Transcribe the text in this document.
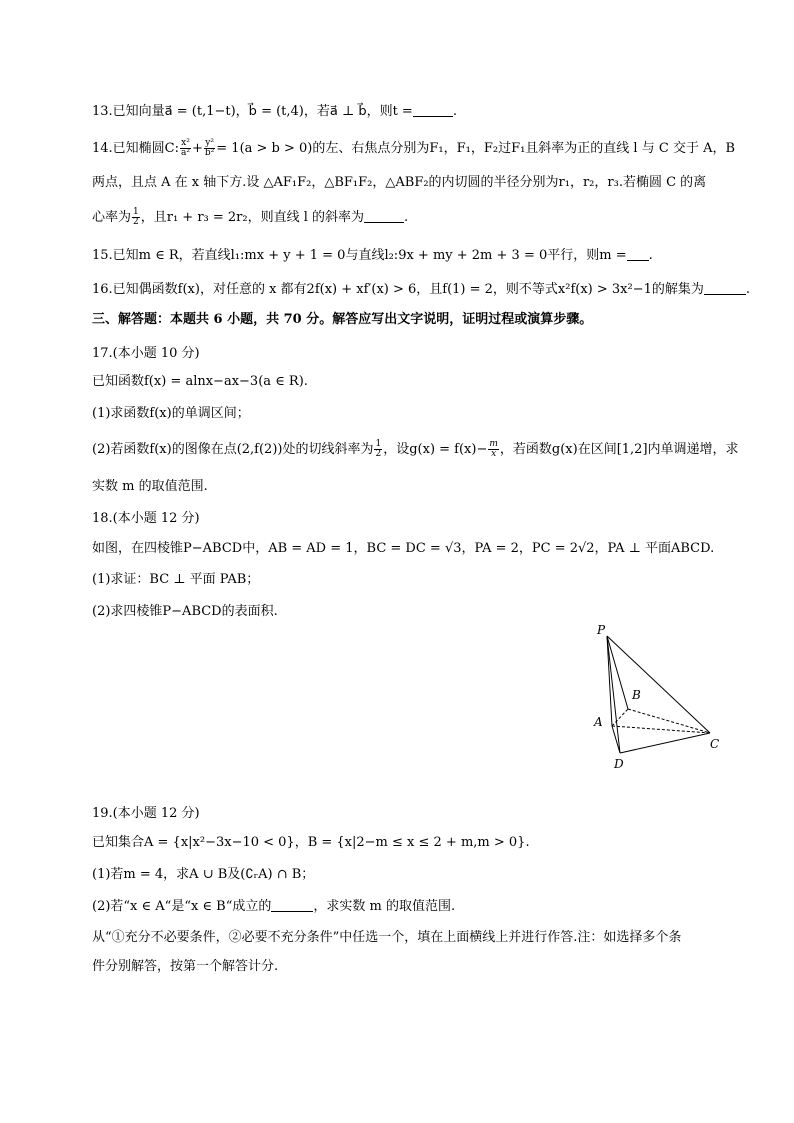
13.已知向量a⃗ = (t,1−t)，b⃗ = (t,4)，若a⃗ ⊥ b⃗，则t =	.
14.已知椭圆C: $\frac{\text{x²}}{\text{a²}} + \frac{\text{y²}}{\text{b²}} = 1(a > b > 0)$的左、右焦点分别为F₁，F₁，F₂过F₁且斜率为正的直线 l 与 C 交于 A，B
两点，且点 A 在 x 轴下方.设 △AF₁F₂，△BF₁F₂，△ABF₂的内切圆的半径分别为r₁，r₂，r₃.若椭圆 C 的离
心率为 $\frac{1}{2}$ ，且r₁ + r₃ = 2r₂，则直线 l 的斜率为	.
15.已知m ∈ R，若直线l₁:mx + y + 1 = 0与直线l₂:9x + my + 2m + 3 = 0平行，则m = .
16.已知偶函数f(x)，对任意的 x 都有2f(x) + xf′(x) > 6，且f(1) = 2，则不等式x²f(x) > 3x²−1的解集为	.
三、解答题：本题共 6 小题，共 70 分。解答应写出文字说明，证明过程或演算步骤。
17.(本小题 10 分)
已知函数f(x) = alnx−ax−3(a ∈ R).
(1)求函数f(x)的单调区间；
(2)若函数f(x)的图像在点(2,f(2))处的切线斜率为 $\frac{1}{2}$ ，设$g(x) = f(x)- \frac{m}{x}$ ，若函数g(x)在区间[1,2]内单调递增，求
实数 m 的取值范围.
18.(本小题 12 分)
如图，在四棱锥P−ABCD中，AB = AD = 1，BC = DC = √3，PA = 2，PC = 2√2，PA ⊥ 平面ABCD.
(1)求证：BC ⊥ 平面 PAB；
(2)求四棱锥P−ABCD的表面积.
P
B
A
C
D
19.(本小题 12 分)
已知集合A = {x|x²−3x−10 < 0}，B = {x|2−m ≤ x ≤ 2 + m,m > 0}.
(1)若m = 4，求A ∪ B及(∁ᵣA) ∩ B；
(2)若“x ∈ A“是“x ∈ B“成立的	，求实数 m 的取值范围.
从“①充分不必要条件，②必要不充分条件”中任选一个，填在上面横线上并进行作答.注：如选择多个条
件分别解答，按第一个解答计分.
